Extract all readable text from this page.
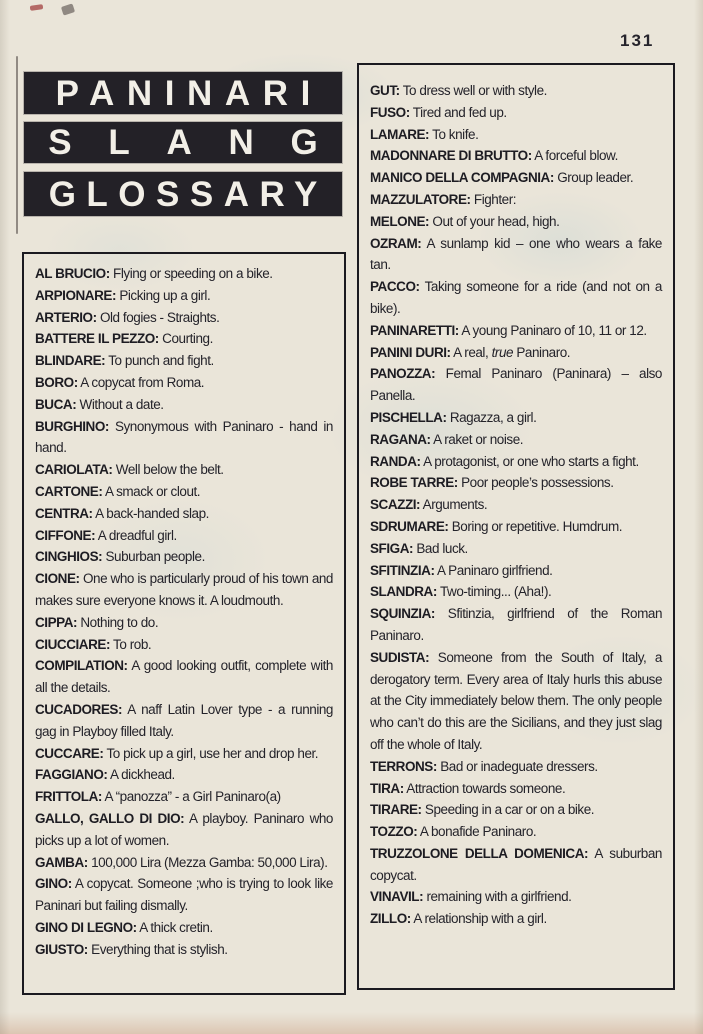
131
PANINARI
SLANG
GLOSSARY

AL BRUCIO: Flying or speeding on a bike.

ARPIONARE: Picking up a girl.

ARTERIO: Old fogies - Straights.

BATTERE IL PEZZO: Courting.

BLINDARE: To punch and fight.

BORO: A copycat from Roma.

BUCA: Without a date.

BURGHINO: Synonymous with Paninaro - hand in hand.

CARIOLATA: Well below the belt.

CARTONE: A smack or clout.

CENTRA: A back-handed slap.

CIFFONE: A dreadful girl.

CINGHIOS: Suburban people.

CIONE: One who is particularly proud of his town and makes sure everyone knows it. A loudmouth.

CIPPA: Nothing to do.

CIUCCIARE: To rob.

COMPILATION: A good looking outfit, complete with all the details.

CUCADORES: A naff Latin Lover type - a running gag in Playboy filled Italy.

CUCCARE: To pick up a girl, use her and drop her.

FAGGIANO: A dickhead.

FRITTOLA: A “panozza” - a Girl Paninaro(a)

GALLO, GALLO DI DIO: A playboy. Paninaro who picks up a lot of women.

GAMBA: 100,000 Lira (Mezza Gamba: 50,000 Lira).

GINO: A copycat. Someone ;who is trying to look like Paninari but failing dismally.

GINO DI LEGNO: A thick cretin.

GIUSTO: Everything that is stylish.

GUT: To dress well or with style.

FUSO: Tired and fed up.

LAMARE: To knife.

MADONNARE DI BRUTTO: A forceful blow.

MANICO DELLA COMPAGNIA: Group leader.

MAZZULATORE: Fighter:

MELONE: Out of your head, high.

OZRAM: A sunlamp kid – one who wears a fake tan.

PACCO: Taking someone for a ride (and not on a bike).

PANINARETTI: A young Paninaro of 10, 11 or 12.

PANINI DURI: A real, true Paninaro.

PANOZZA: Femal Paninaro (Paninara) – also Panella.

PISCHELLA: Ragazza, a girl.

RAGANA: A raket or noise.

RANDA: A protagonist, or one who starts a fight.

ROBE TARRE: Poor people’s possessions.

SCAZZI: Arguments.

SDRUMARE: Boring or repetitive. Humdrum.

SFIGA: Bad luck.

SFITINZIA: A Paninaro girlfriend.

SLANDRA: Two-timing... (Aha!).

SQUINZIA: Sfitinzia, girlfriend of the Roman Paninaro.

SUDISTA: Someone from the South of Italy, a derogatory term. Every area of Italy hurls this abuse at the City immediately below them. The only people who can’t do this are the Sicilians, and they just slag off the whole of Italy.

TERRONS: Bad or inadeguate dressers.

TIRA: Attraction towards someone.

TIRARE: Speeding in a car or on a bike.

TOZZO: A bonafide Paninaro.

TRUZZOLONE DELLA DOMENICA: A suburban copycat.

VINAVIL: remaining with a girlfriend.

ZILLO: A relationship with a girl.
